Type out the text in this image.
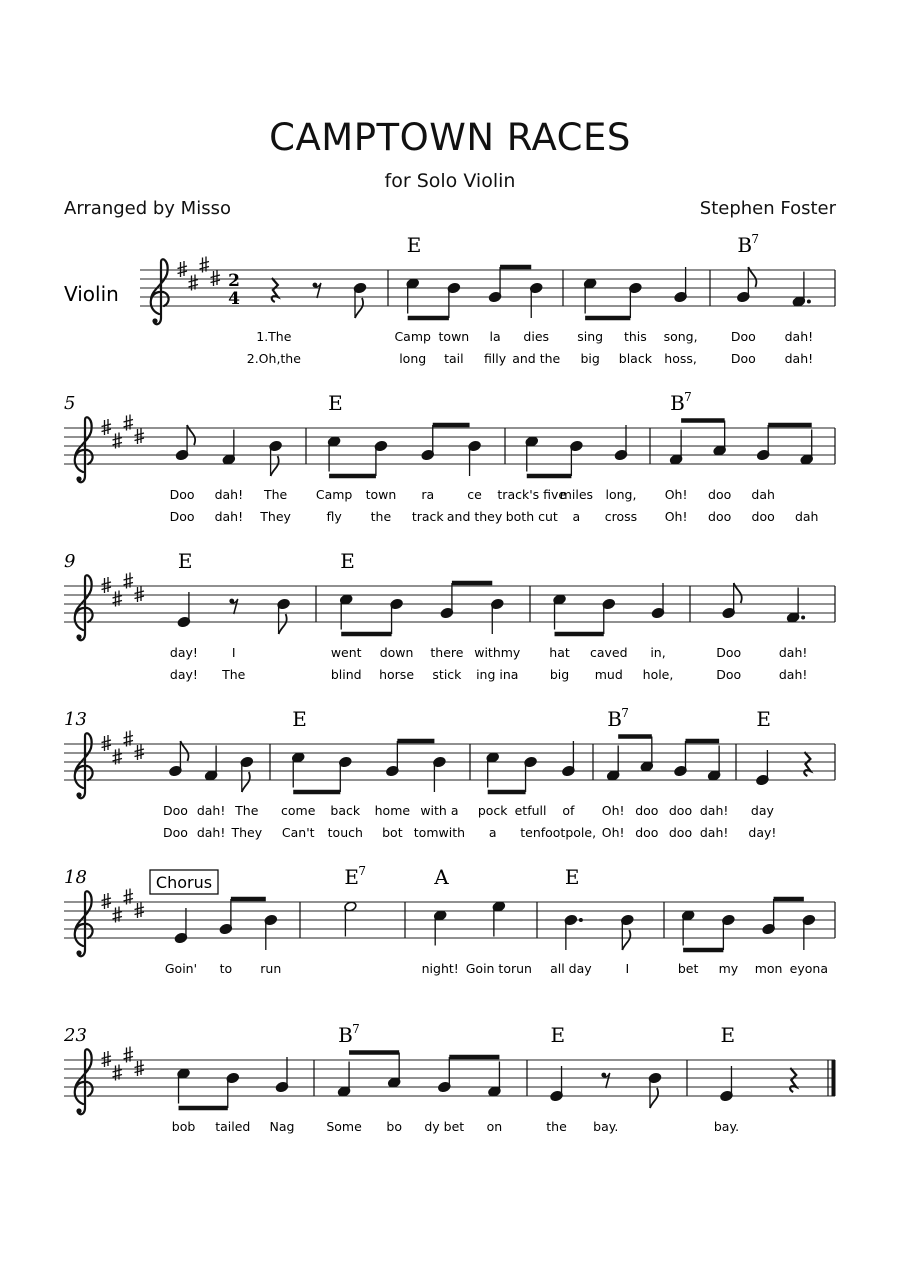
CAMPTOWN RACES
for Solo Violin
Arranged by Misso	Stephen Foster
2
4
Violin
1.The
2.Oh,the
E
Camp town la dies
long tail filly and the
sing this song,
big black hoss,
B 7
Doo dah!
Doo dah!
5
Doo dah! The
Doo dah! They
E
Camp town ra	ce
fly the track and they
track's five
miles long,
both cut a cross
B 7
Oh! doo dah
Oh! doo doo dah
9	E
day!	I
day! The
E
went down there withmy
blind horse stick ing ina
hat caved in,
big mud hole,
Doo	dah!
Doo	dah!
13
Doo dah! The
Doo dah! They
E
come back home with a
Can't touch bot tomwith
pock etfull of
a ten footpole,
B 7
Oh! doo doo dah!
Oh! doo doo dah!
E
day
day!
18
Goin' to run
E 7	A
night! Goin torun
E
all day	I	bet my mon eyona
Chorus
23
bob tailed Nag
B 7
Some bo dy bet on
E
the bay.
E
bay.
